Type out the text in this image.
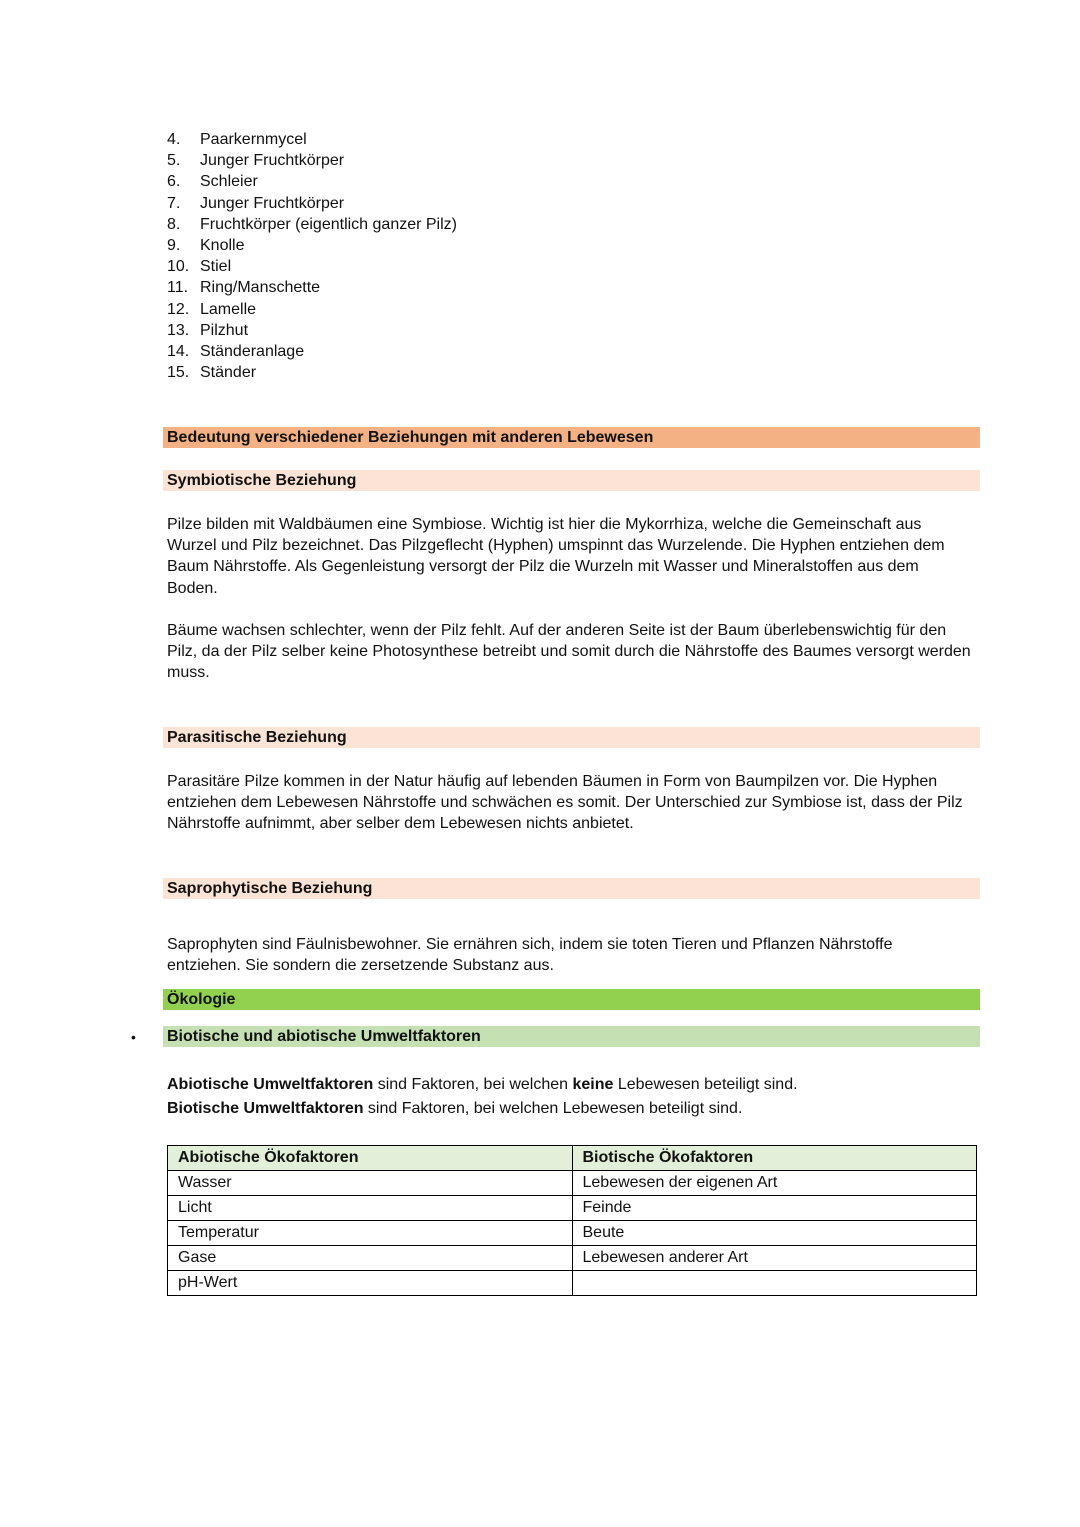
4.	Paarkernmycel
5.	Junger Fruchtkörper
6.	Schleier
7.	Junger Fruchtkörper
8.	Fruchtkörper (eigentlich ganzer Pilz)
9.	Knolle
10. Stiel
11. Ring/Manschette
12. Lamelle
13. Pilzhut
14. Ständeranlage
15. Ständer
Bedeutung verschiedener Beziehungen mit anderen Lebewesen
Symbiotische Beziehung

Pilze bilden mit Waldbäumen eine Symbiose. Wichtig ist hier die Mykorrhiza, welche die Gemeinschaft aus Wurzel und Pilz bezeichnet. Das Pilzgeflecht (Hyphen) umspinnt das Wurzelende. Die Hyphen entziehen dem Baum Nährstoffe. Als Gegenleistung versorgt der Pilz die Wurzeln mit Wasser und Mineralstoffen aus dem Boden.

Bäume wachsen schlechter, wenn der Pilz fehlt. Auf der anderen Seite ist der Baum überlebenswichtig für den Pilz, da der Pilz selber keine Photosynthese betreibt und somit durch die Nährstoffe des Baumes versorgt werden muss.

Parasitische Beziehung

Parasitäre Pilze kommen in der Natur häufig auf lebenden Bäumen in Form von Baumpilzen vor. Die Hyphen entziehen dem Lebewesen Nährstoffe und schwächen es somit. Der Unterschied zur Symbiose ist, dass der Pilz Nährstoffe aufnimmt, aber selber dem Lebewesen nichts anbietet.

Saprophytische Beziehung

Saprophyten sind Fäulnisbewohner. Sie ernähren sich, indem sie toten Tieren und Pflanzen Nährstoffe entziehen. Sie sondern die zersetzende Substanz aus.

Ökologie
• Biotische und abiotische Umweltfaktoren

Abiotische Umweltfaktoren sind Faktoren, bei welchen keine Lebewesen beteiligt sind.

Biotische Umweltfaktoren sind Faktoren, bei welchen Lebewesen beteiligt sind.

Abiotische Ökofaktoren	Biotische Ökofaktoren
Wasser	Lebewesen der eigenen Art
Licht	Feinde
Temperatur	Beute
Gase	Lebewesen anderer Art
pH-Wert	
